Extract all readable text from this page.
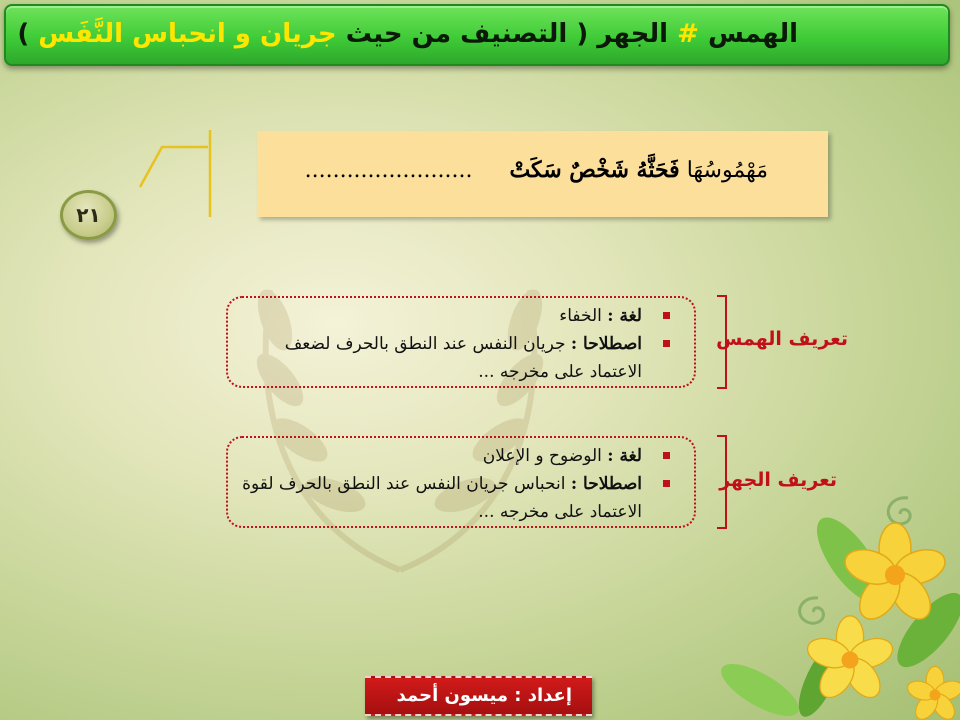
الهمس # الجهر ( التصنيف من حيث جريان و انحباس النَّفَس )
٢١
مَهْمُوسُهَا فَحَثَّهُ شَخْصٌ سَكَتْ ........................
لغة : الخفاء
اصطلاحا : جريان النفس عند النطق بالحرف لضعف الاعتماد على مخرجه ...
تعريف الهمس
لغة : الوضوح و الإعلان
اصطلاحا : انحباس جريان النفس عند النطق بالحرف لقوة الاعتماد على مخرجه ...
تعريف الجهر
إعداد : ميسون أحمد
